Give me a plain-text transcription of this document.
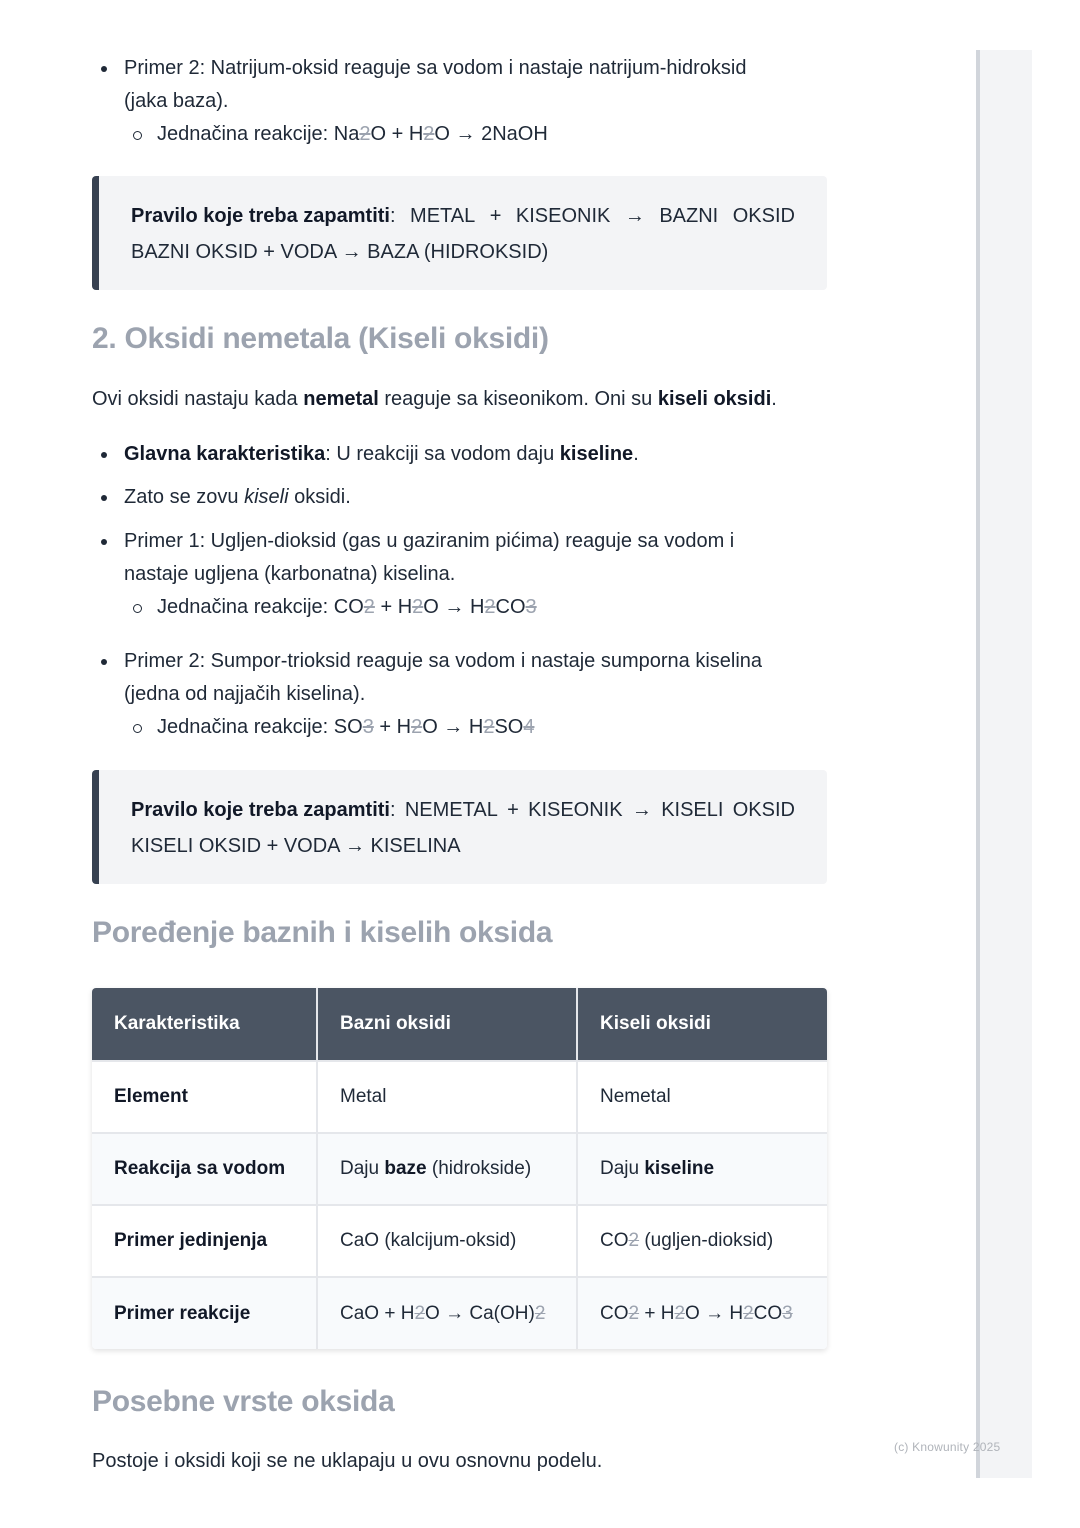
Primer 2: Natrijum-oksid reaguje sa vodom i nastaje natrijum-hidroksid
(jaka baza).
Jednačina reakcije: Na2O + H2O → 2NaOH
Pravilo koje treba zapamtiti: METAL + KISEONIK → BAZNI OKSID
BAZNI OKSID + VODA → BAZA (HIDROKSID)
2. Oksidi nemetala (Kiseli oksidi)

Ovi oksidi nastaju kada nemetal reaguje sa kiseonikom. Oni su kiseli oksidi.

Glavna karakteristika: U reakciji sa vodom daju kiseline.
Zato se zovu kiseli oksidi.
Primer 1: Ugljen-dioksid (gas u gaziranim pićima) reaguje sa vodom i
nastaje ugljena (karbonatna) kiselina.
Jednačina reakcije: CO2 + H2O → H2CO3
Primer 2: Sumpor-trioksid reaguje sa vodom i nastaje sumporna kiselina
(jedna od najjačih kiselina).
Jednačina reakcije: SO3 + H2O → H2SO4
Pravilo koje treba zapamtiti: NEMETAL + KISEONIK → KISELI OKSID
KISELI OKSID + VODA → KISELINA
Poređenje baznih i kiselih oksida
Karakteristika	Bazni oksidi	Kiseli oksidi
Element	Metal	Nemetal
Reakcija sa vodom	Daju baze (hidrokside)	Daju kiseline
Primer jedinjenja	CaO (kalcijum-oksid)	CO2 (ugljen-dioksid)
Primer reakcije	CaO + H2O → Ca(OH)2	CO2 + H2O → H2CO3
Posebne vrste oksida

Postoje i oksidi koji se ne uklapaju u ovu osnovnu podelu.

(c) Knowunity 2025
